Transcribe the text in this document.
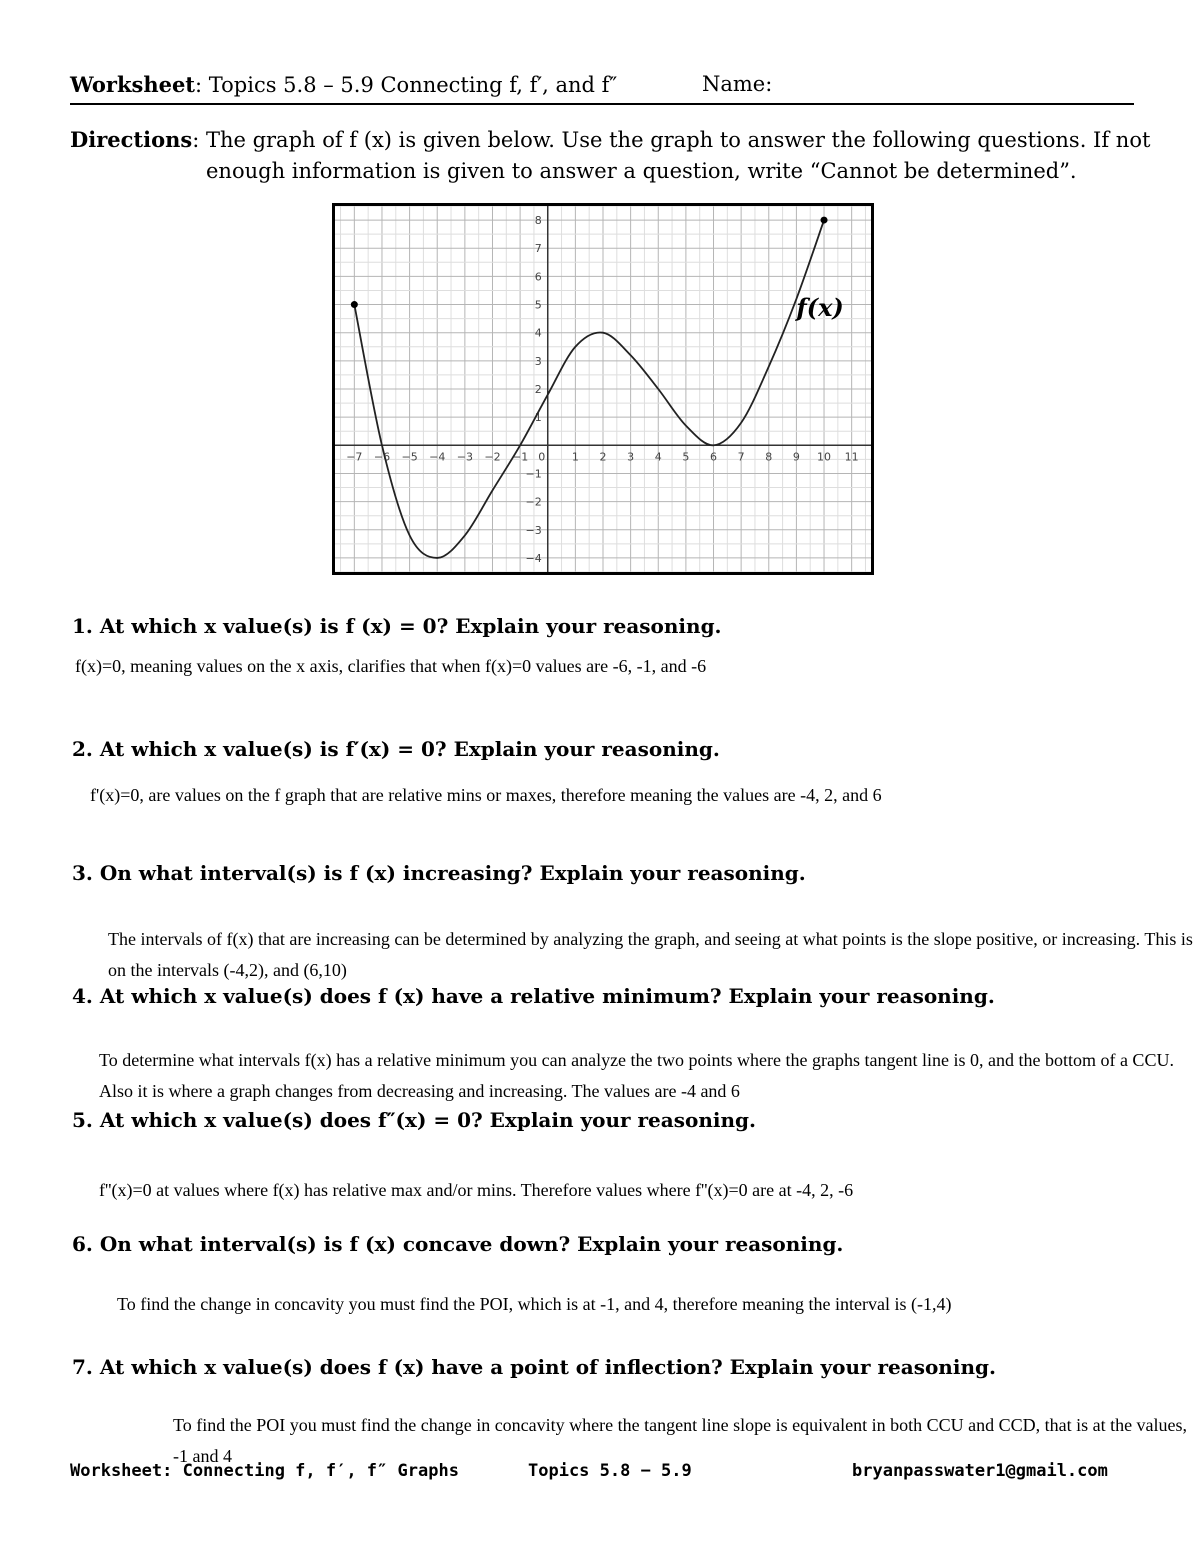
Worksheet: Topics 5.8 – 5.9 Connecting f, f′, and f″	Name:
Directions: The graph of f (x) is given below. Use the graph to answer the following questions. If not
enough information is given to answer a question, write “Cannot be determined”.
−7 −6 −5 −4 −3 −2 −1 0 1 2 3 4 5 6 7 8 9 10 11
8
7
6
5
4
3
2
1
−1
−2
−3
−4
f(x)
1. At which x value(s) is f (x) = 0? Explain your reasoning.
f(x)=0, meaning values on the x axis, clarifies that when f(x)=0 values are -6, -1, and -6
2. At which x value(s) is f′(x) = 0? Explain your reasoning.
f'(x)=0, are values on the f graph that are relative mins or maxes, therefore meaning the values are -4, 2, and 6
3. On what interval(s) is f (x) increasing? Explain your reasoning.
The intervals of f(x) that are increasing can be determined by analyzing the graph, and seeing at what points is the slope positive, or increasing. This is on the intervals (-4,2), and (6,10)
4. At which x value(s) does f (x) have a relative minimum? Explain your reasoning.
To determine what intervals f(x) has a relative minimum you can analyze the two points where the graphs tangent line is 0, and the bottom of a CCU. Also it is where a graph changes from decreasing and increasing. The values are -4 and 6
5. At which x value(s) does f″(x) = 0? Explain your reasoning.
f''(x)=0 at values where f(x) has relative max and/or mins. Therefore values where f''(x)=0 are at -4, 2, -6
6. On what interval(s) is f (x) concave down? Explain your reasoning.
To find the change in concavity you must find the POI, which is at -1, and 4, therefore meaning the interval is (-1,4)
7. At which x value(s) does f (x) have a point of inflection? Explain your reasoning.
To find the POI you must find the change in concavity where the tangent line slope is equivalent in both CCU and CCD, that is at the values, -1 and 4
Worksheet: Connecting f, f′, f″ Graphs	Topics 5.8 − 5.9	bryanpasswater1@gmail.com
